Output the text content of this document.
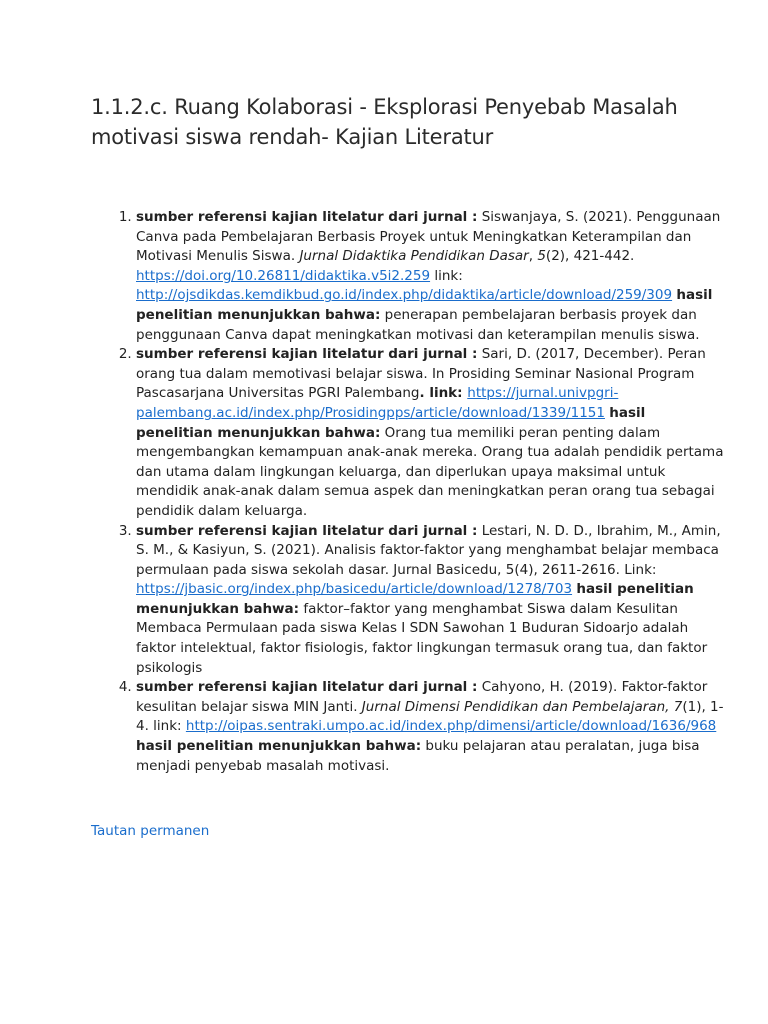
1.1.2.c. Ruang Kolaborasi - Eksplorasi Penyebab Masalah motivasi siswa rendah- Kajian Literatur
1. sumber referensi kajian litelatur dari jurnal : Siswanjaya, S. (2021). Penggunaan Canva pada Pembelajaran Berbasis Proyek untuk Meningkatkan Keterampilan dan Motivasi Menulis Siswa. Jurnal Didaktika Pendidikan Dasar, 5(2), 421-442. https://doi.org/10.26811/didaktika.v5i2.259 link: http://ojsdikdas.kemdikbud.go.id/index.php/didaktika/article/download/259/309 hasil penelitian menunjukkan bahwa: penerapan pembelajaran berbasis proyek dan penggunaan Canva dapat meningkatkan motivasi dan keterampilan menulis siswa.
2. sumber referensi kajian litelatur dari jurnal : Sari, D. (2017, December). Peran orang tua dalam memotivasi belajar siswa. In Prosiding Seminar Nasional Program Pascasarjana Universitas PGRI Palembang. link: https://jurnal.univpgri-palembang.ac.id/index.php/Prosidingpps/article/download/1339/1151 hasil penelitian menunjukkan bahwa: Orang tua memiliki peran penting dalam mengembangkan kemampuan anak-anak mereka. Orang tua adalah pendidik pertama dan utama dalam lingkungan keluarga, dan diperlukan upaya maksimal untuk mendidik anak-anak dalam semua aspek dan meningkatkan peran orang tua sebagai pendidik dalam keluarga.
3. sumber referensi kajian litelatur dari jurnal : Lestari, N. D. D., Ibrahim, M., Amin, S. M., & Kasiyun, S. (2021). Analisis faktor-faktor yang menghambat belajar membaca permulaan pada siswa sekolah dasar. Jurnal Basicedu, 5(4), 2611-2616. Link: https://jbasic.org/index.php/basicedu/article/download/1278/703 hasil penelitian menunjukkan bahwa: faktor–faktor yang menghambat Siswa dalam Kesulitan Membaca Permulaan pada siswa Kelas I SDN Sawohan 1 Buduran Sidoarjo adalah faktor intelektual, faktor fisiologis, faktor lingkungan termasuk orang tua, dan faktor psikologis
4. sumber referensi kajian litelatur dari jurnal : Cahyono, H. (2019). Faktor-faktor kesulitan belajar siswa MIN Janti. Jurnal Dimensi Pendidikan dan Pembelajaran, 7(1), 1-4. link: http://oipas.sentraki.umpo.ac.id/index.php/dimensi/article/download/1636/968 hasil penelitian menunjukkan bahwa: buku pelajaran atau peralatan, juga bisa menjadi penyebab masalah motivasi.
Tautan permanen
